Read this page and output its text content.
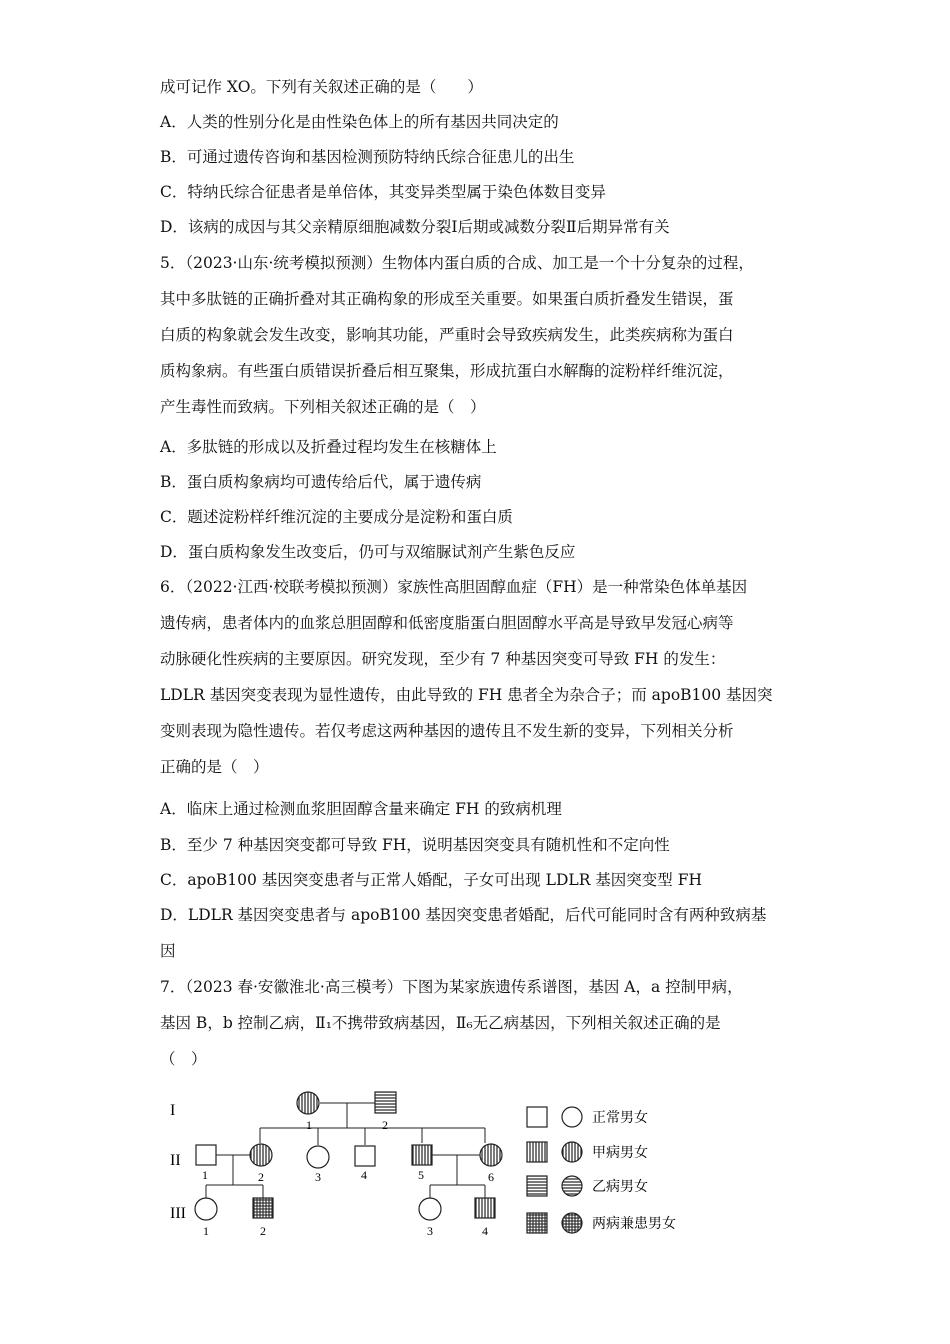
成可记作 XO。下列有关叙述正确的是（　　）
A．人类的性别分化是由性染色体上的所有基因共同决定的
B．可通过遗传咨询和基因检测预防特纳氏综合征患儿的出生
C．特纳氏综合征患者是单倍体，其变异类型属于染色体数目变异
D．该病的成因与其父亲精原细胞减数分裂Ⅰ后期或减数分裂Ⅱ后期异常有关
5．（2023·山东·统考模拟预测）生物体内蛋白质的合成、加工是一个十分复杂的过程，
其中多肽链的正确折叠对其正确构象的形成至关重要。如果蛋白质折叠发生错误，蛋
白质的构象就会发生改变，影响其功能，严重时会导致疾病发生，此类疾病称为蛋白
质构象病。有些蛋白质错误折叠后相互聚集，形成抗蛋白水解酶的淀粉样纤维沉淀，
产生毒性而致病。下列相关叙述正确的是（　）
A．多肽链的形成以及折叠过程均发生在核糖体上
B．蛋白质构象病均可遗传给后代，属于遗传病
C．题述淀粉样纤维沉淀的主要成分是淀粉和蛋白质
D．蛋白质构象发生改变后，仍可与双缩脲试剂产生紫色反应
6．（2022·江西·校联考模拟预测）家族性高胆固醇血症（FH）是一种常染色体单基因
遗传病，患者体内的血浆总胆固醇和低密度脂蛋白胆固醇水平高是导致早发冠心病等
动脉硬化性疾病的主要原因。研究发现，至少有 7 种基因突变可导致 FH 的发生：
LDLR 基因突变表现为显性遗传，由此导致的 FH 患者全为杂合子；而 apoB100 基因突
变则表现为隐性遗传。若仅考虑这两种基因的遗传且不发生新的变异，下列相关分析
正确的是（　）
A．临床上通过检测血浆胆固醇含量来确定 FH 的致病机理
B．至少 7 种基因突变都可导致 FH，说明基因突变具有随机性和不定向性
C．apoB100 基因突变患者与正常人婚配，子女可出现 LDLR 基因突变型 FH
D．LDLR 基因突变患者与 apoB100 基因突变患者婚配，后代可能同时含有两种致病基
因
7．（2023 春·安徽淮北·高三模考）下图为某家族遗传系谱图，基因 A，a 控制甲病，
基因 B，b 控制乙病，Ⅱ₁不携带致病基因，Ⅱ₆无乙病基因，下列相关叙述正确的是
（　）
I
II
III
1	2
1	2	3	4	5	6
1	2	3	4
正常男女
甲病男女
乙病男女
两病兼患男女
